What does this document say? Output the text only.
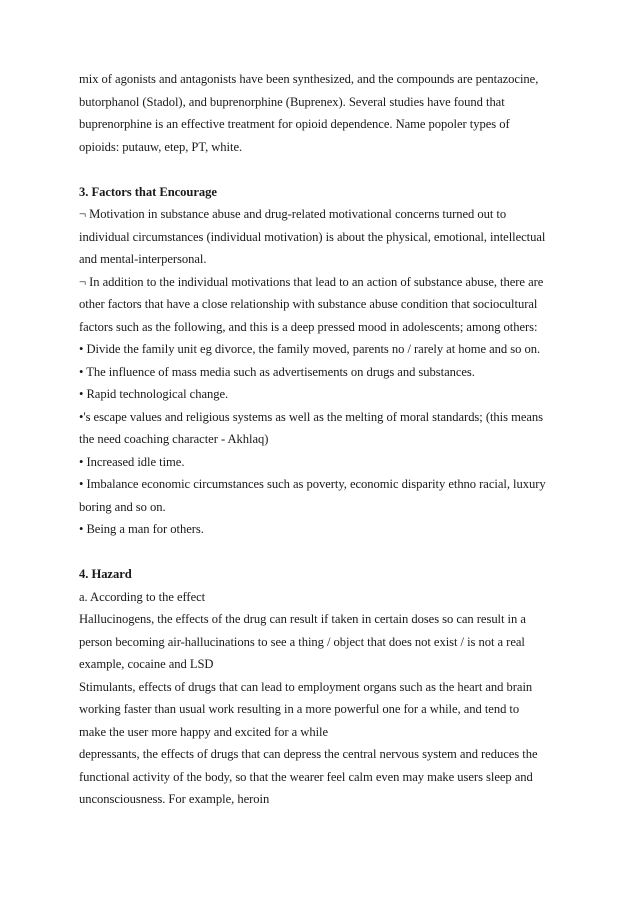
mix of agonists and antagonists have been synthesized, and the compounds are pentazocine,
butorphanol (Stadol), and buprenorphine (Buprenex). Several studies have found that
buprenorphine is an effective treatment for opioid dependence. Name popoler types of
opioids: putauw, etep, PT, white.
3. Factors that Encourage
¬ Motivation in substance abuse and drug-related motivational concerns turned out to
individual circumstances (individual motivation) is about the physical, emotional, intellectual
and mental-interpersonal.
¬ In addition to the individual motivations that lead to an action of substance abuse, there are
other factors that have a close relationship with substance abuse condition that sociocultural
factors such as the following, and this is a deep pressed mood in adolescents; among others:
• Divide the family unit eg divorce, the family moved, parents no / rarely at home and so on.
• The influence of mass media such as advertisements on drugs and substances.
• Rapid technological change.
•'s escape values and religious systems as well as the melting of moral standards; (this means
the need coaching character - Akhlaq)
• Increased idle time.
• Imbalance economic circumstances such as poverty, economic disparity ethno racial, luxury
boring and so on.
• Being a man for others.
4. Hazard
a. According to the effect
Hallucinogens, the effects of the drug can result if taken in certain doses so can result in a
person becoming air-hallucinations to see a thing / object that does not exist / is not a real
example, cocaine and LSD
Stimulants, effects of drugs that can lead to employment organs such as the heart and brain
working faster than usual work resulting in a more powerful one for a while, and tend to
make the user more happy and excited for a while
depressants, the effects of drugs that can depress the central nervous system and reduces the
functional activity of the body, so that the wearer feel calm even may make users sleep and
unconsciousness. For example, heroin
